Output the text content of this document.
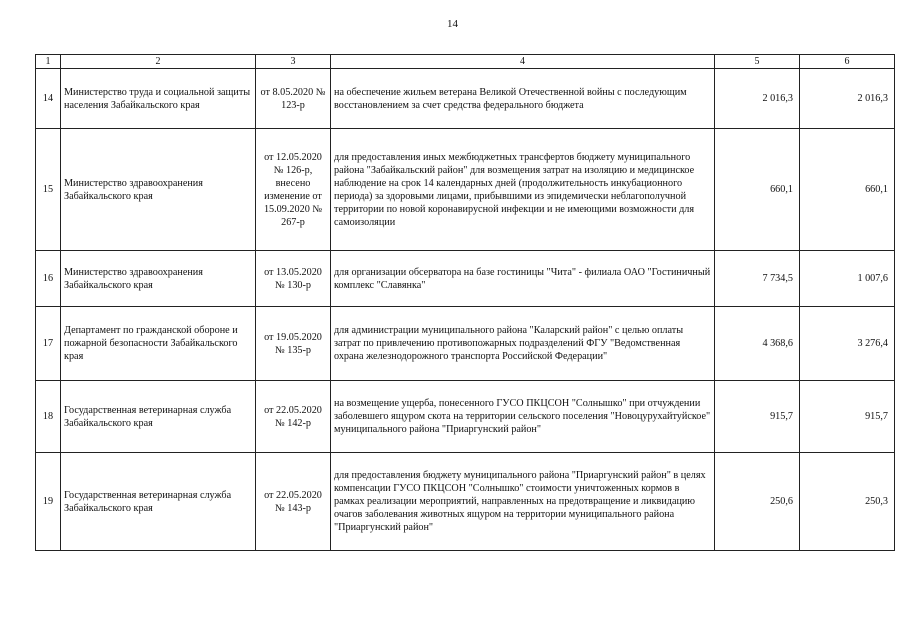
14
1	2	3	4	5	6
14	Министерство труда и социальной защиты населения Забайкальского края	от 8.05.2020 № 123-р	на обеспечение жильем ветерана Великой Отечественной войны с последующим восстановлением за счет средства федерального бюджета	2 016,3	2 016,3
15	Министерство здравоохранения Забайкальского края	от 12.05.2020 № 126-р, внесено изменение от 15.09.2020 № 267-р	для предоставления иных межбюджетных трансфертов бюджету муниципального района "Забайкальский район" для возмещения затрат на изоляцию и медицинское наблюдение на срок 14 календарных дней (продолжительность инкубационного периода) за здоровыми лицами, прибывшими из эпидемически неблагополучной территории по новой коронавирусной инфекции и не имеющими возможности для самоизоляции	660,1	660,1
16	Министерство здравоохранения Забайкальского края	от 13.05.2020 № 130-р	для организации обсерватора на базе гостиницы "Чита" - филиала ОАО "Гостиничный комплекс "Славянка"	7 734,5	1 007,6
17	Департамент по гражданской обороне и пожарной безопасности Забайкальского края	от 19.05.2020 № 135-р	для администрации муниципального района "Каларский район" с целью оплаты затрат по привлечению противопожарных подразделений ФГУ "Ведомственная охрана железнодорожного транспорта Российской Федерации"	4 368,6	3 276,4
18	Государственная ветеринарная служба Забайкальского края	от 22.05.2020 № 142-р	на возмещение ущерба, понесенного ГУСО ПКЦСОН "Солнышко" при отчуждении заболевшего ящуром скота на территории сельского поселения "Новоцурухайтуйское" муниципального района "Приаргунский район"	915,7	915,7
19	Государственная ветеринарная служба Забайкальского края	от 22.05.2020 № 143-р	для предоставления бюджету муниципального района "Приаргунский район" в целях компенсации ГУСО ПКЦСОН "Солнышко" стоимости уничтоженных кормов в рамках реализации мероприятий, направленных на предотвращение и ликвидацию очагов заболевания животных ящуром на территории муниципального района "Приаргунский район"	250,6	250,3
